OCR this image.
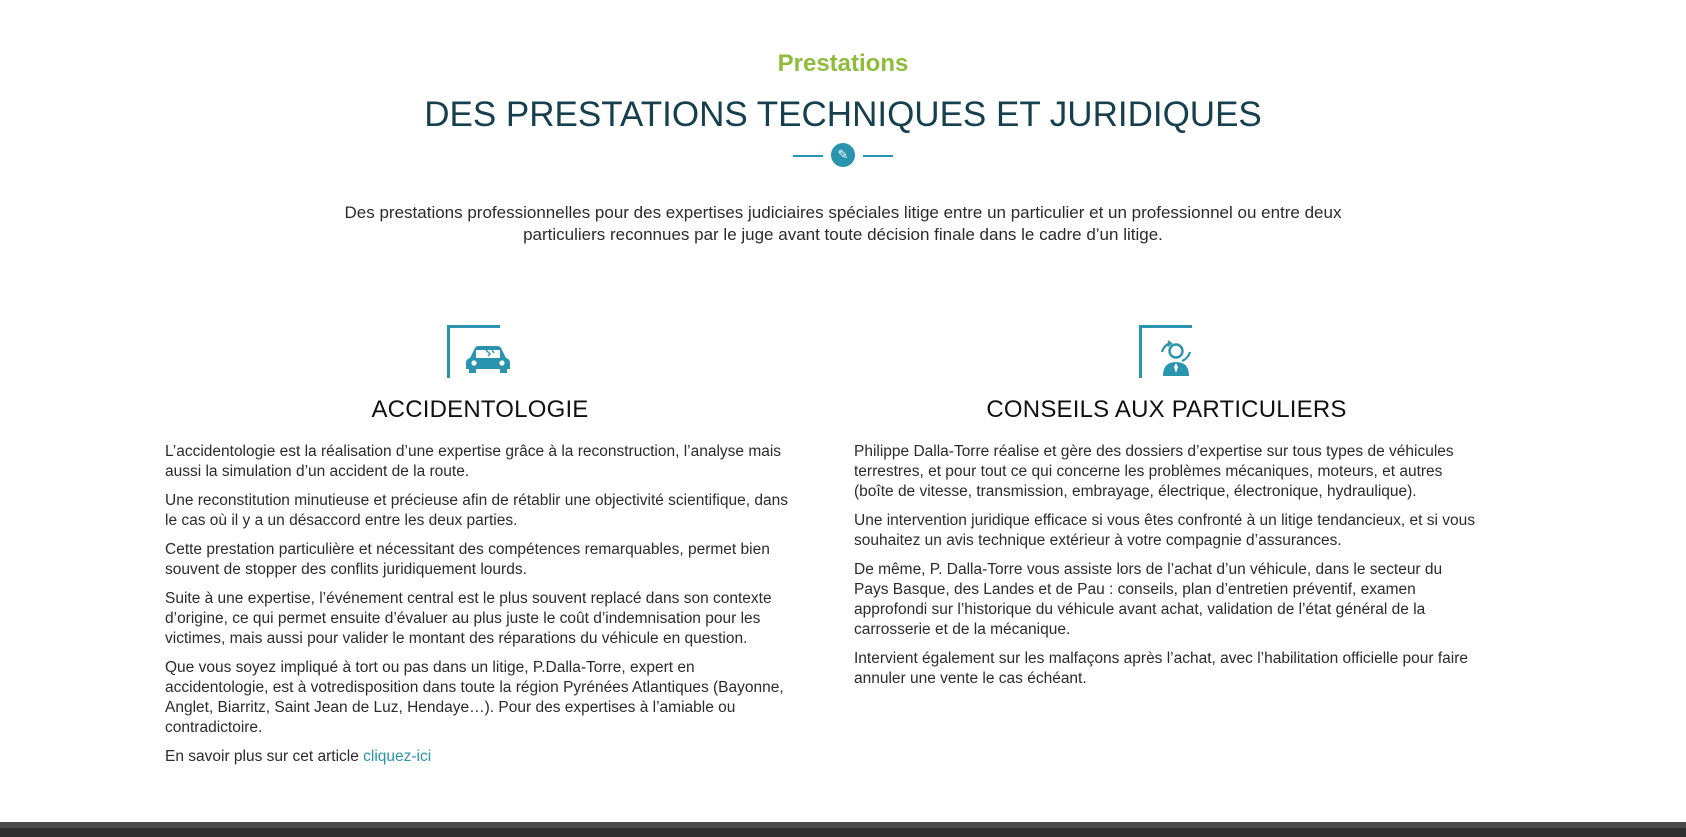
Prestations
DES PRESTATIONS TECHNIQUES ET JURIDIQUES
✎

Des prestations professionnelles pour des expertises judiciaires spéciales litige entre un particulier et un professionnel ou entre deux particuliers reconnues par le juge avant toute décision finale dans le cadre d’un litige.

ACCIDENTOLOGIE

L’accidentologie est la réalisation d’une expertise grâce à la reconstruction, l’analyse mais aussi la simulation d’un accident de la route.

Une reconstitution minutieuse et précieuse afin de rétablir une objectivité scientifique, dans le cas où il y a un désaccord entre les deux parties.

Cette prestation particulière et nécessitant des compétences remarquables, permet bien souvent de stopper des conflits juridiquement lourds.

Suite à une expertise, l’événement central est le plus souvent replacé dans son contexte d’origine, ce qui permet ensuite d’évaluer au plus juste le coût d’indemnisation pour les victimes, mais aussi pour valider le montant des réparations du véhicule en question.

Que vous soyez impliqué à tort ou pas dans un litige, P.Dalla-Torre, expert en accidentologie, est à votredisposition dans toute la région Pyrénées Atlantiques (Bayonne, Anglet, Biarritz, Saint Jean de Luz, Hendaye…). Pour des expertises à l’amiable ou contradictoire.

En savoir plus sur cet article cliquez-ici

CONSEILS AUX PARTICULIERS

Philippe Dalla-Torre réalise et gère des dossiers d’expertise sur tous types de véhicules terrestres, et pour tout ce qui concerne les problèmes mécaniques, moteurs, et autres (boîte de vitesse, transmission, embrayage, électrique, électronique, hydraulique).

Une intervention juridique efficace si vous êtes confronté à un litige tendancieux, et si vous souhaitez un avis technique extérieur à votre compagnie d’assurances.

De même, P. Dalla-Torre vous assiste lors de l’achat d’un véhicule, dans le secteur du Pays Basque, des Landes et de Pau : conseils, plan d’entretien préventif, examen approfondi sur l’historique du véhicule avant achat, validation de l’état général de la carrosserie et de la mécanique.

Intervient également sur les malfaçons après l’achat, avec l’habilitation officielle pour faire annuler une vente le cas échéant.
